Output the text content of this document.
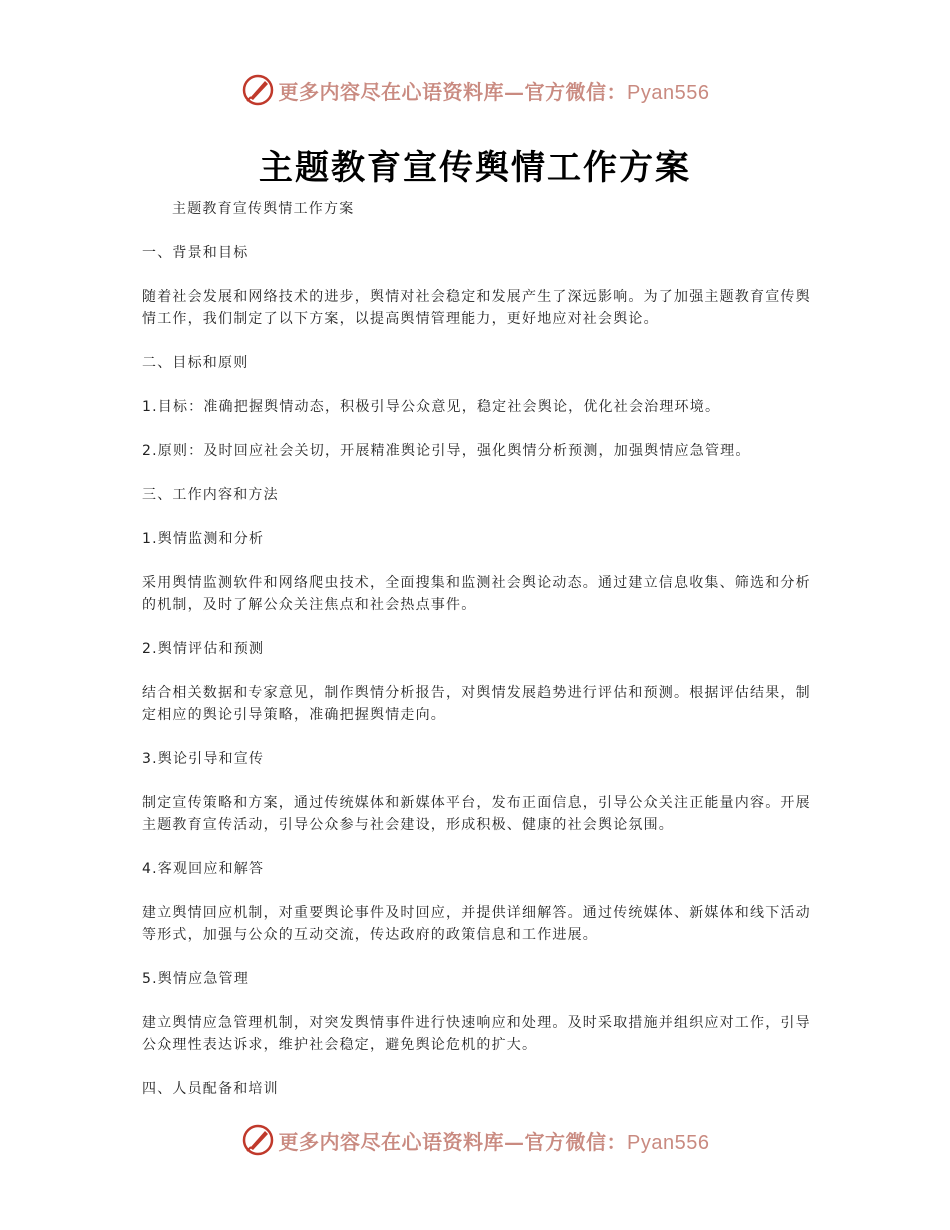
更多内容尽在心语资料库—官方微信：Pyan556
主题教育宣传舆情工作方案

主题教育宣传舆情工作方案

一、背景和目标

随着社会发展和网络技术的进步，舆情对社会稳定和发展产生了深远影响。为了加强主题教育宣传舆情工作，我们制定了以下方案，以提高舆情管理能力，更好地应对社会舆论。

二、目标和原则

1.目标：准确把握舆情动态，积极引导公众意见，稳定社会舆论，优化社会治理环境。

2.原则：及时回应社会关切，开展精准舆论引导，强化舆情分析预测，加强舆情应急管理。

三、工作内容和方法

1.舆情监测和分析

采用舆情监测软件和网络爬虫技术，全面搜集和监测社会舆论动态。通过建立信息收集、筛选和分析的机制，及时了解公众关注焦点和社会热点事件。

2.舆情评估和预测

结合相关数据和专家意见，制作舆情分析报告，对舆情发展趋势进行评估和预测。根据评估结果，制定相应的舆论引导策略，准确把握舆情走向。

3.舆论引导和宣传

制定宣传策略和方案，通过传统媒体和新媒体平台，发布正面信息，引导公众关注正能量内容。开展主题教育宣传活动，引导公众参与社会建设，形成积极、健康的社会舆论氛围。

4.客观回应和解答

建立舆情回应机制，对重要舆论事件及时回应，并提供详细解答。通过传统媒体、新媒体和线下活动等形式，加强与公众的互动交流，传达政府的政策信息和工作进展。

5.舆情应急管理

建立舆情应急管理机制，对突发舆情事件进行快速响应和处理。及时采取措施并组织应对工作，引导公众理性表达诉求，维护社会稳定，避免舆论危机的扩大。

四、人员配备和培训

更多内容尽在心语资料库—官方微信：Pyan556
